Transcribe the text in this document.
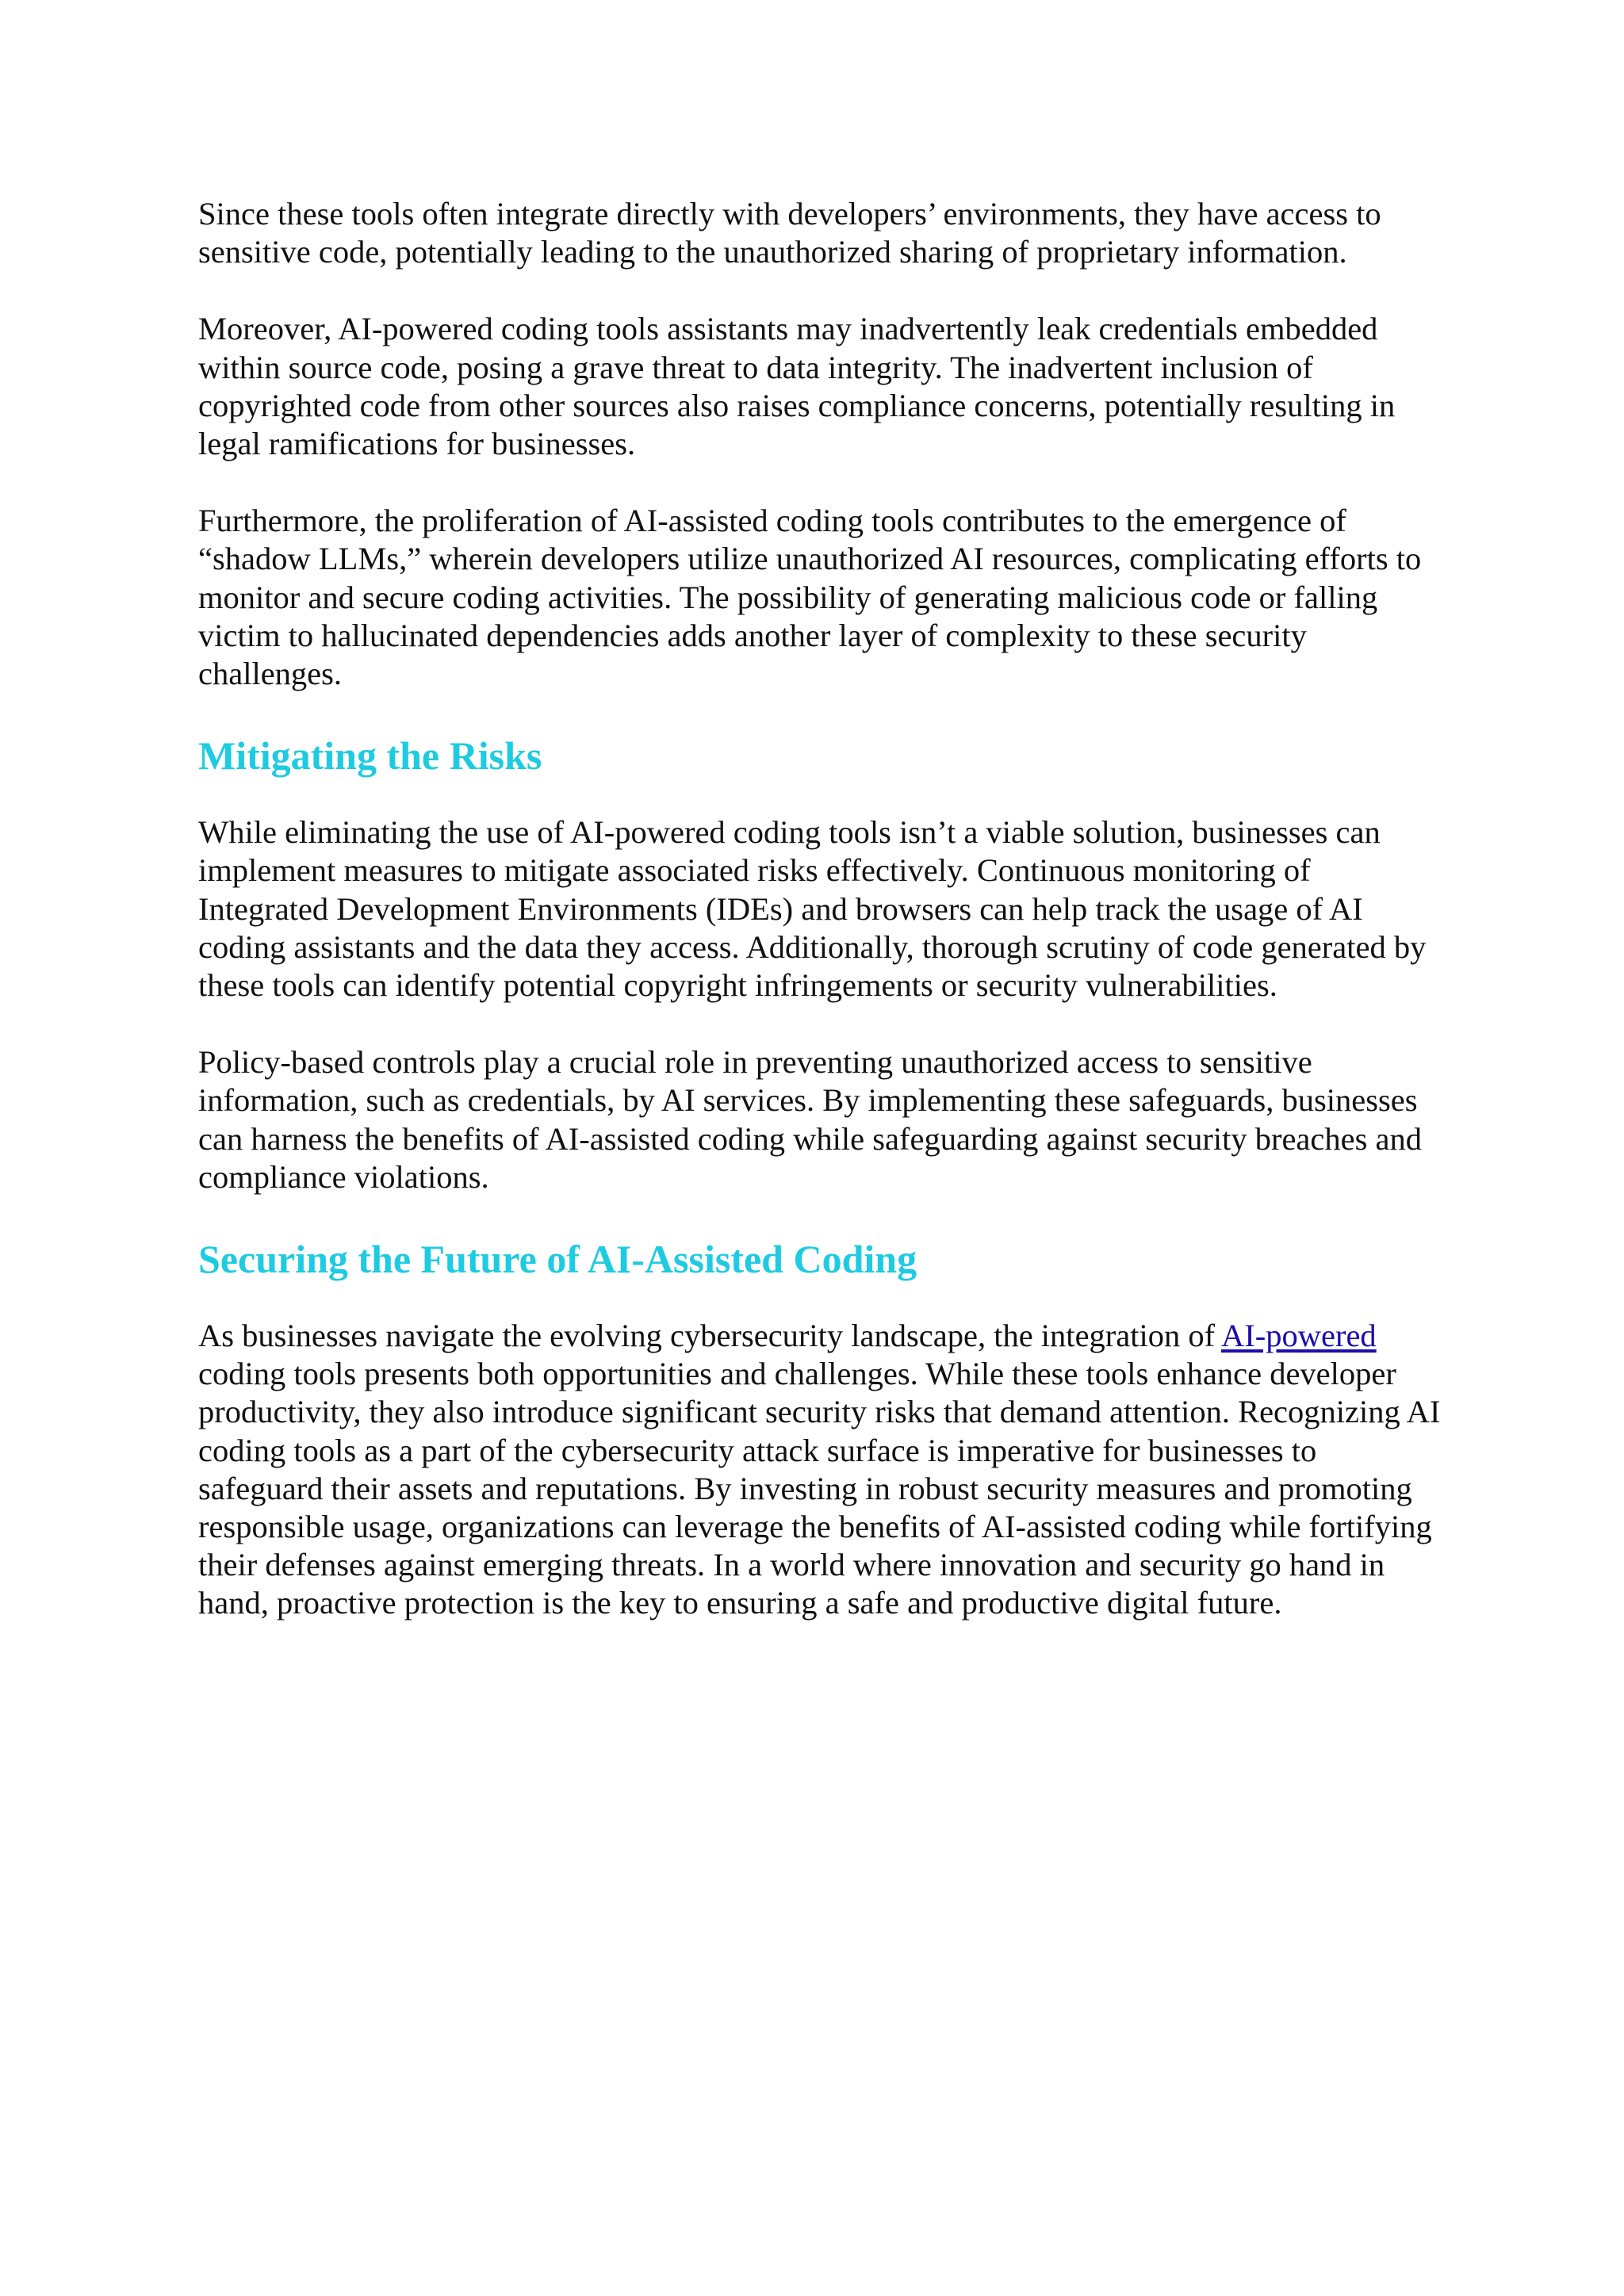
Since these tools often integrate directly with developers’ environments, they have access to sensitive code, potentially leading to the unauthorized sharing of proprietary information.

Moreover, AI-powered coding tools assistants may inadvertently leak credentials embedded within source code, posing a grave threat to data integrity. The inadvertent inclusion of copyrighted code from other sources also raises compliance concerns, potentially resulting in legal ramifications for businesses.

Furthermore, the proliferation of AI-assisted coding tools contributes to the emergence of “shadow LLMs,” wherein developers utilize unauthorized AI resources, complicating efforts to monitor and secure coding activities. The possibility of generating malicious code or falling victim to hallucinated dependencies adds another layer of complexity to these security challenges.

Mitigating the Risks

While eliminating the use of AI-powered coding tools isn’t a viable solution, businesses can implement measures to mitigate associated risks effectively. Continuous monitoring of Integrated Development Environments (IDEs) and browsers can help track the usage of AI coding assistants and the data they access. Additionally, thorough scrutiny of code generated by these tools can identify potential copyright infringements or security vulnerabilities.

Policy-based controls play a crucial role in preventing unauthorized access to sensitive information, such as credentials, by AI services. By implementing these safeguards, businesses can harness the benefits of AI-assisted coding while safeguarding against security breaches and compliance violations.

Securing the Future of AI-Assisted Coding

As businesses navigate the evolving cybersecurity landscape, the integration of AI-powered coding tools presents both opportunities and challenges. While these tools enhance developer productivity, they also introduce significant security risks that demand attention. Recognizing AI coding tools as a part of the cybersecurity attack surface is imperative for businesses to safeguard their assets and reputations. By investing in robust security measures and promoting responsible usage, organizations can leverage the benefits of AI-assisted coding while fortifying their defenses against emerging threats. In a world where innovation and security go hand in hand, proactive protection is the key to ensuring a safe and productive digital future.
